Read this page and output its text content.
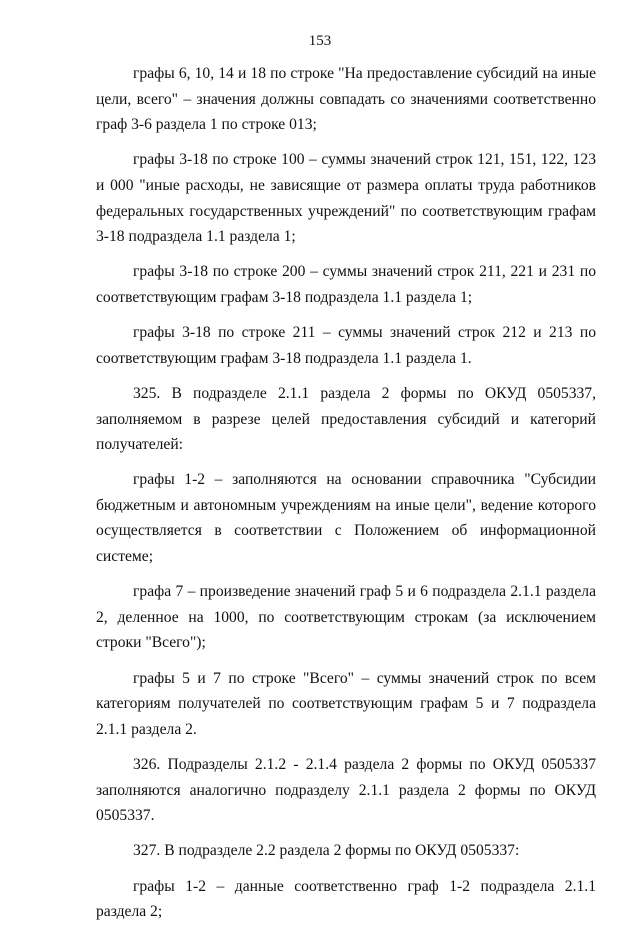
153

графы 6, 10, 14 и 18 по строке "На предоставление субсидий на иные цели, всего" – значения должны совпадать со значениями соответственно граф 3-6 раздела 1 по строке 013;

графы 3-18 по строке 100 – суммы значений строк 121, 151, 122, 123 и 000 "иные расходы, не зависящие от размера оплаты труда работников федеральных государственных учреждений" по соответствующим графам 3-18 подраздела 1.1 раздела 1;

графы 3-18 по строке 200 – суммы значений строк 211, 221 и 231 по соответствующим графам 3-18 подраздела 1.1 раздела 1;

графы 3-18 по строке 211 – суммы значений строк 212 и 213 по соответствующим графам 3-18 подраздела 1.1 раздела 1.

325. В подразделе 2.1.1 раздела 2 формы по ОКУД 0505337, заполняемом в разрезе целей предоставления субсидий и категорий получателей:

графы 1-2 – заполняются на основании справочника "Субсидии бюджетным и автономным учреждениям на иные цели", ведение которого осуществляется в соответствии с Положением об информационной системе;

графа 7 – произведение значений граф 5 и 6 подраздела 2.1.1 раздела 2, деленное на 1000, по соответствующим строкам (за исключением строки "Всего");

графы 5 и 7 по строке "Всего" – суммы значений строк по всем категориям получателей по соответствующим графам 5 и 7 подраздела 2.1.1 раздела 2.

326. Подразделы 2.1.2 - 2.1.4 раздела 2 формы по ОКУД 0505337 заполняются аналогично подразделу 2.1.1 раздела 2 формы по ОКУД 0505337.

327. В подразделе 2.2 раздела 2 формы по ОКУД 0505337:

графы 1-2 – данные соответственно граф 1-2 подраздела 2.1.1 раздела 2;
